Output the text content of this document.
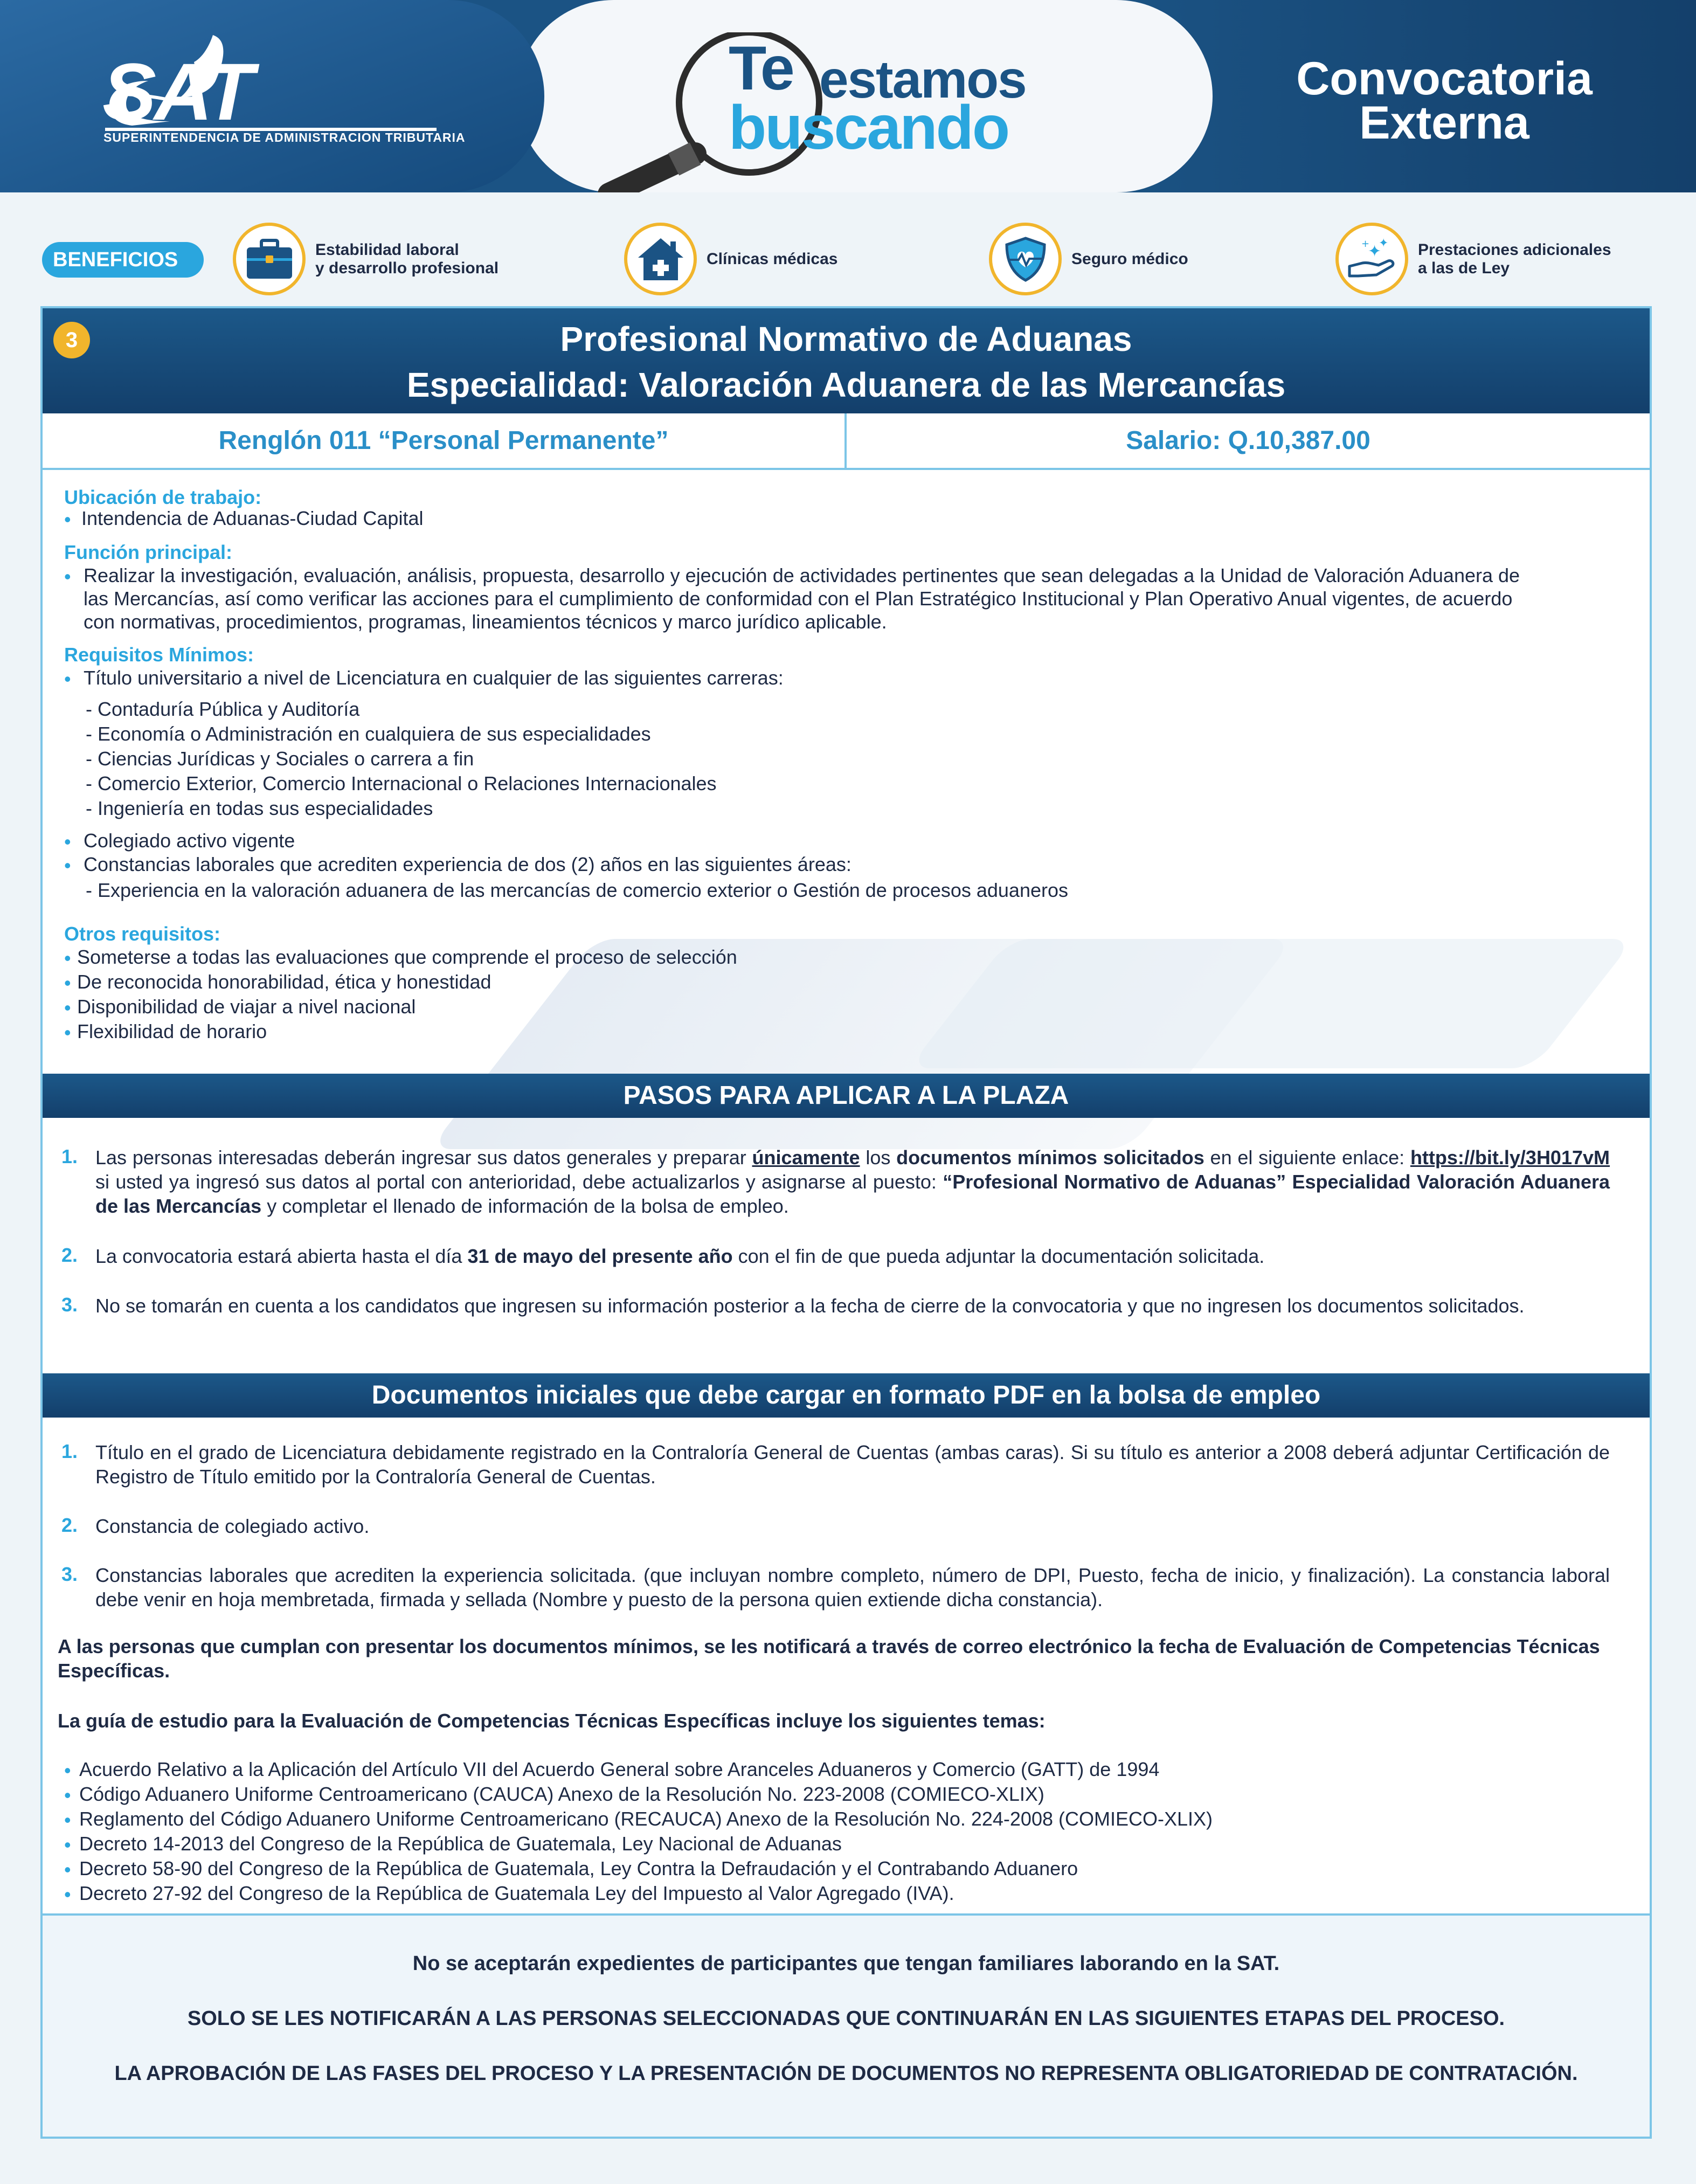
SAT
SUPERINTENDENCIA DE ADMINISTRACION TRIBUTARIA
Te estamos
buscando
Convocatoria
Externa
BENEFICIOS	Estabilidad laboral
y desarrollo profesional
Clínicas médicas	Seguro médico	✦
✦
+	Prestaciones adicionales
a las de Ley
3	Profesional Normativo de Aduanas
Especialidad: Valoración Aduanera de las Mercancías
Renglón 011 “Personal Permanente”	Salario: Q.10,387.00
Ubicación de trabajo:
• Intendencia de Aduanas-Ciudad Capital
Función principal:
• Realizar la investigación, evaluación, análisis, propuesta, desarrollo y ejecución de actividades pertinentes que sean delegadas a la Unidad de Valoración Aduanera de
las Mercancías, así como verificar las acciones para el cumplimiento de conformidad con el Plan Estratégico Institucional y Plan Operativo Anual vigentes, de acuerdo
con normativas, procedimientos, programas, lineamientos técnicos y marco jurídico aplicable.
Requisitos Mínimos:
• Título universitario a nivel de Licenciatura en cualquier de las siguientes carreras:
- Contaduría Pública y Auditoría
- Economía o Administración en cualquiera de sus especialidades
- Ciencias Jurídicas y Sociales o carrera a fin
- Comercio Exterior, Comercio Internacional o Relaciones Internacionales
- Ingeniería en todas sus especialidades
• Colegiado activo vigente
• Constancias laborales que acrediten experiencia de dos (2) años en las siguientes áreas:
- Experiencia en la valoración aduanera de las mercancías de comercio exterior o Gestión de procesos aduaneros
Otros requisitos:
• Someterse a todas las evaluaciones que comprende el proceso de selección
• De reconocida honorabilidad, ética y honestidad
• Disponibilidad de viajar a nivel nacional
• Flexibilidad de horario
PASOS PARA APLICAR A LA PLAZA
1. Las personas interesadas deberán ingresar sus datos generales y preparar únicamente los documentos mínimos solicitados en el siguiente enlace: https://bit.ly/3H017vM si usted ya ingresó sus datos al portal con anterioridad, debe actualizarlos y asignarse al puesto: “Profesional Normativo de Aduanas” Especialidad Valoración Aduanera de las Mercancías y completar el llenado de información de la bolsa de empleo.
2. La convocatoria estará abierta hasta el día 31 de mayo del presente año con el fin de que pueda adjuntar la documentación solicitada.
3. No se tomarán en cuenta a los candidatos que ingresen su información posterior a la fecha de cierre de la convocatoria y que no ingresen los documentos solicitados.
Documentos iniciales que debe cargar en formato PDF en la bolsa de empleo
1. Título en el grado de Licenciatura debidamente registrado en la Contraloría General de Cuentas (ambas caras). Si su título es anterior a 2008 deberá adjuntar Certificación de Registro de Título emitido por la Contraloría General de Cuentas.
2. Constancia de colegiado activo.
3. Constancias laborales que acrediten la experiencia solicitada. (que incluyan nombre completo, número de DPI, Puesto, fecha de inicio, y finalización). La constancia laboral debe venir en hoja membretada, firmada y sellada (Nombre y puesto de la persona quien extiende dicha constancia).
A las personas que cumplan con presentar los documentos mínimos, se les notificará a través de correo electrónico la fecha de Evaluación de Competencias Técnicas Específicas.
La guía de estudio para la Evaluación de Competencias Técnicas Específicas incluye los siguientes temas:
• Acuerdo Relativo a la Aplicación del Artículo VII del Acuerdo General sobre Aranceles Aduaneros y Comercio (GATT) de 1994
• Código Aduanero Uniforme Centroamericano (CAUCA) Anexo de la Resolución No. 223-2008 (COMIECO-XLIX)
• Reglamento del Código Aduanero Uniforme Centroamericano (RECAUCA) Anexo de la Resolución No. 224-2008 (COMIECO-XLIX)
• Decreto 14-2013 del Congreso de la República de Guatemala, Ley Nacional de Aduanas
• Decreto 58-90 del Congreso de la República de Guatemala, Ley Contra la Defraudación y el Contrabando Aduanero
• Decreto 27-92 del Congreso de la República de Guatemala Ley del Impuesto al Valor Agregado (IVA).
No se aceptarán expedientes de participantes que tengan familiares laborando en la SAT.
SOLO SE LES NOTIFICARÁN A LAS PERSONAS SELECCIONADAS QUE CONTINUARÁN EN LAS SIGUIENTES ETAPAS DEL PROCESO.
LA APROBACIÓN DE LAS FASES DEL PROCESO Y LA PRESENTACIÓN DE DOCUMENTOS NO REPRESENTA OBLIGATORIEDAD DE CONTRATACIÓN.
